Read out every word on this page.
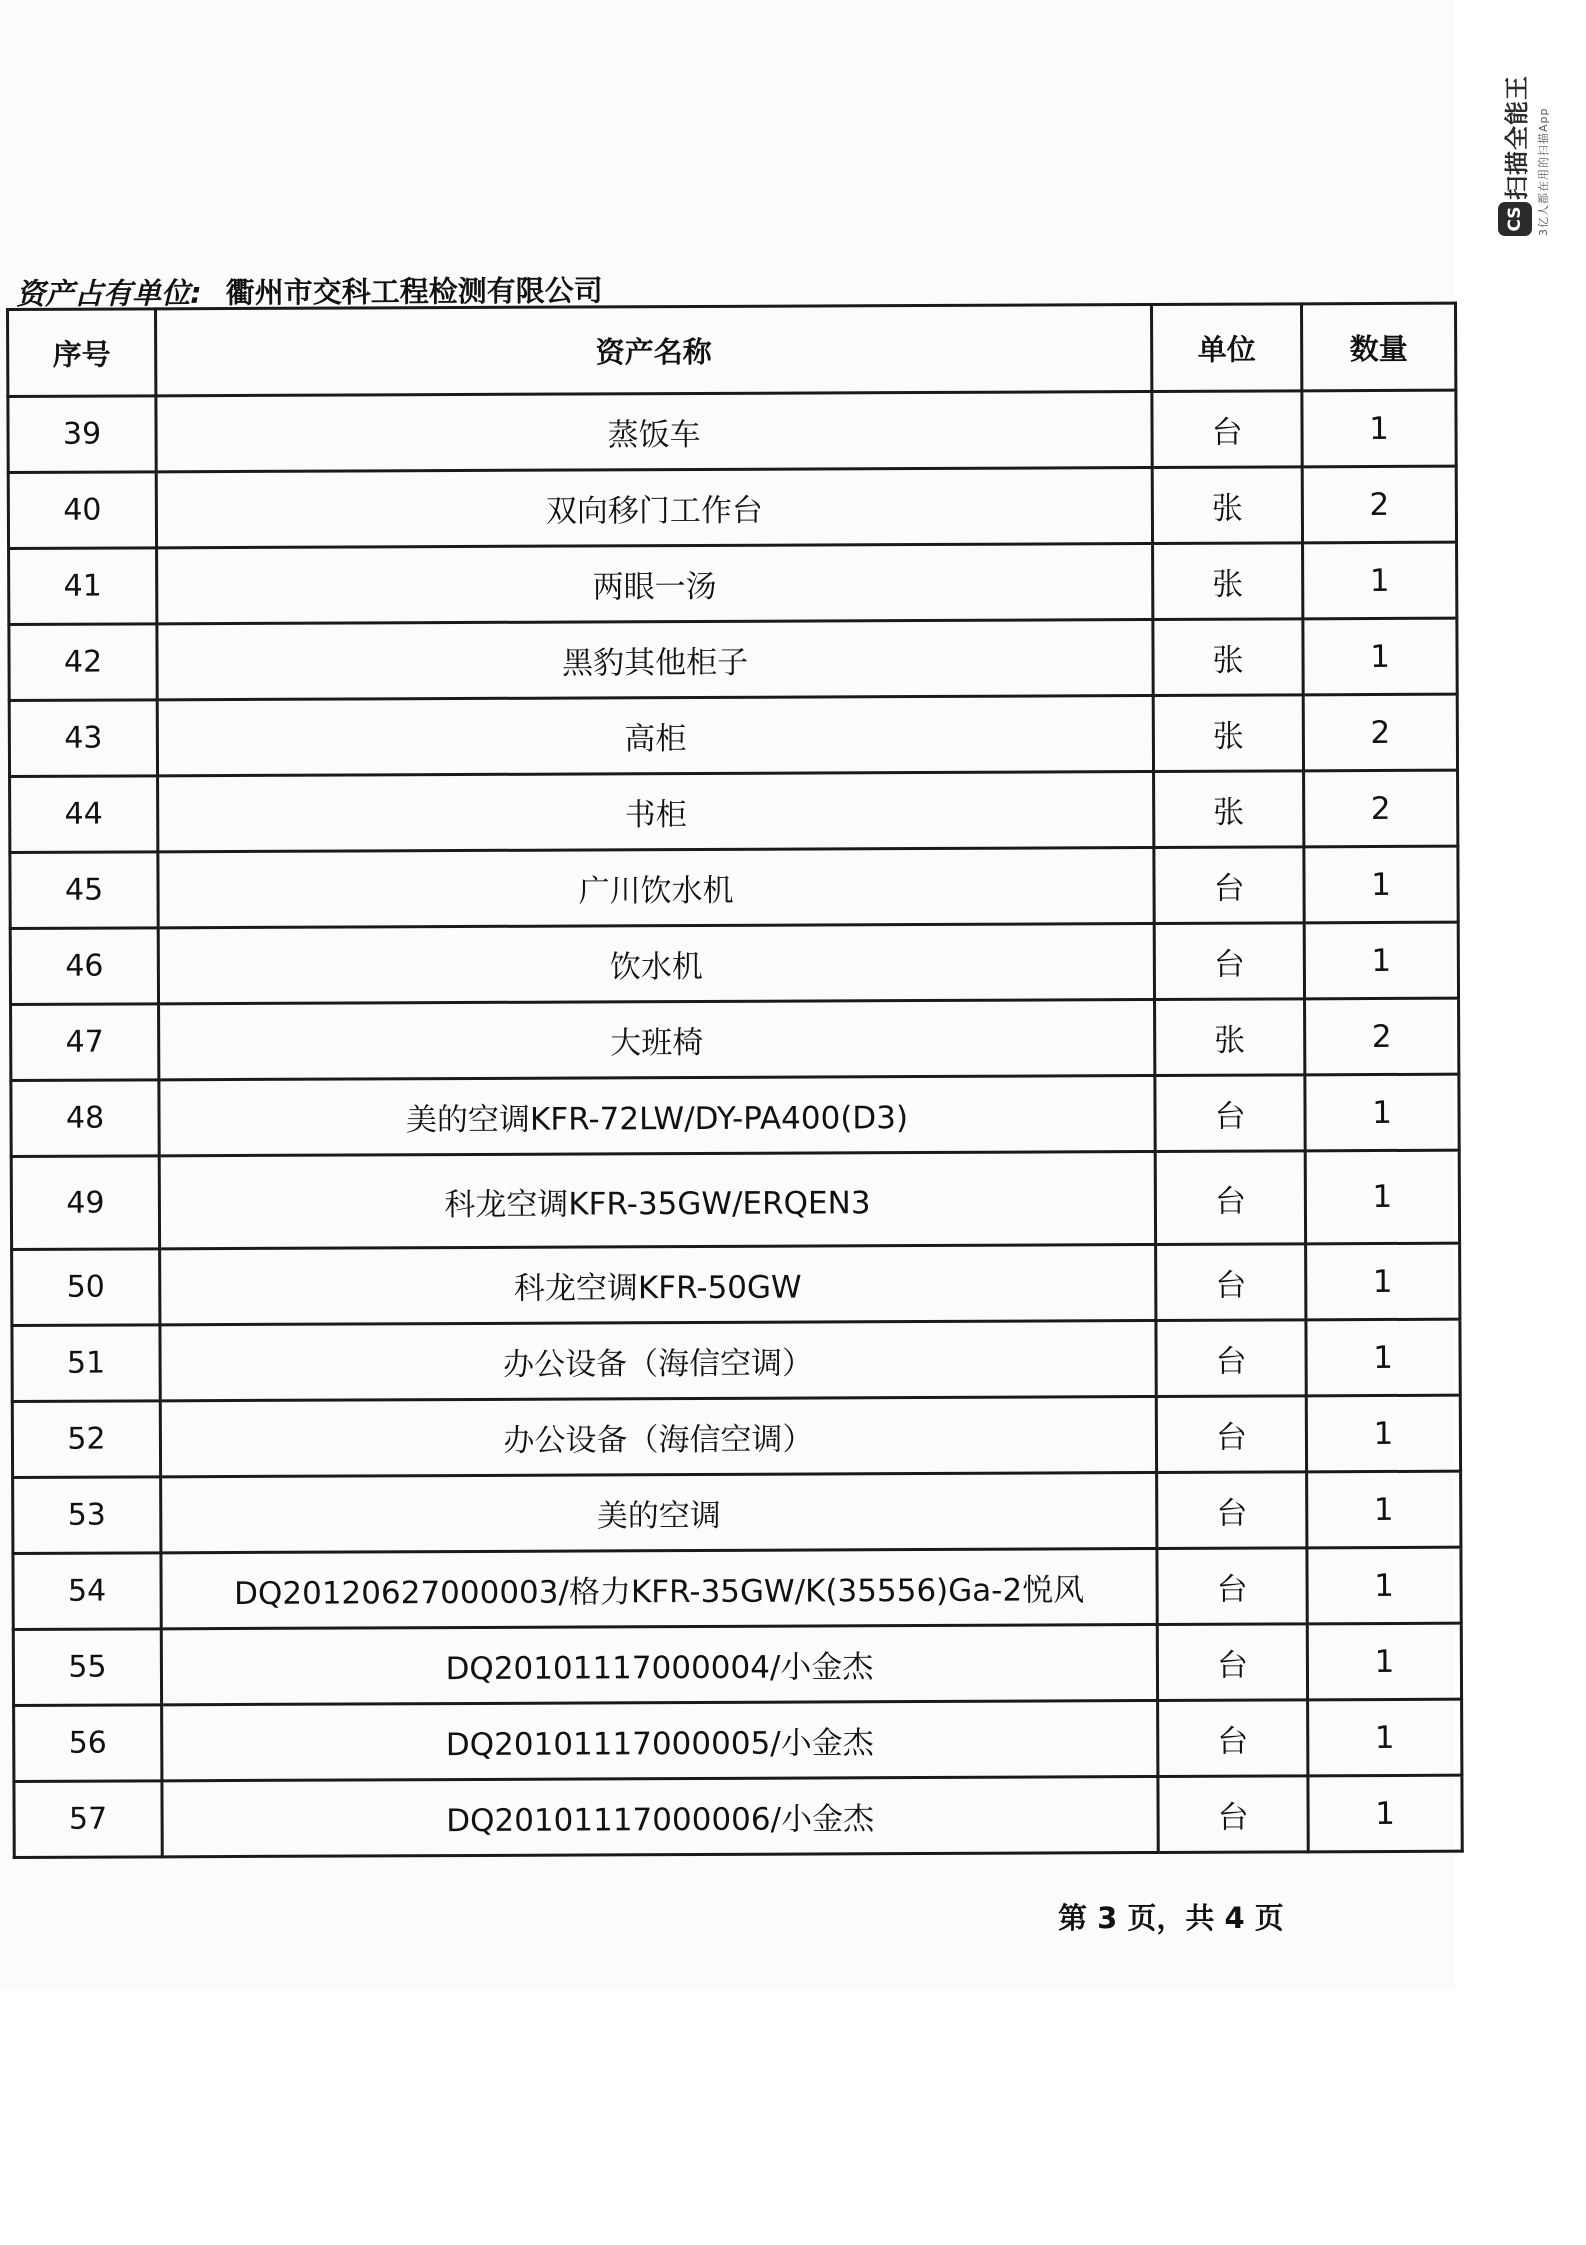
扫描全能王 3亿人都在用的扫描App
CS
资产占有单位: 衢州市交科工程检测有限公司
序号	资产名称	单位	数量
39	蒸饭车	台	1
40	双向移门工作台	张	2
41	两眼一汤	张	1
42	黑豹其他柜子	张	1
43	高柜	张	2
44	书柜	张	2
45	广川饮水机	台	1
46	饮水机	台	1
47	大班椅	张	2
48	美的空调KFR-72LW/DY-PA400(D3)	台	1
49	科龙空调KFR-35GW/ERQEN3	台	1
50	科龙空调KFR-50GW	台	1
51	办公设备（海信空调）	台	1
52	办公设备（海信空调）	台	1
53	美的空调	台	1
54	DQ20120627000003/格力KFR-35GW/K(35556)Ga-2悦风	台	1
55	DQ20101117000004/小金杰	台	1
56	DQ20101117000005/小金杰	台	1
57	DQ20101117000006/小金杰	台	1
第 3 页，共 4 页
